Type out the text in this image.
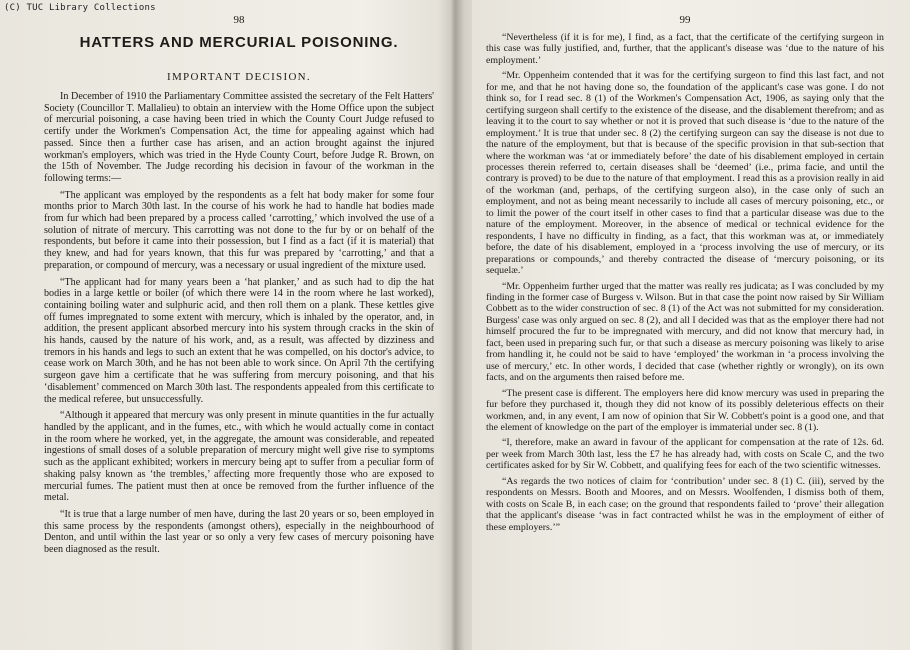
(C) TUC Library Collections
98
HATTERS AND MERCURIAL POISONING.
IMPORTANT DECISION.

In December of 1910 the Parliamentary Committee assisted the secretary of the Felt Hatters' Society (Councillor T. Mallalieu) to obtain an interview with the Home Office upon the subject of mercurial poisoning, a case having been tried in which the County Court Judge refused to certify under the Workmen's Compensation Act, the time for appealing against which had passed. Since then a further case has arisen, and an action brought against the injured workman's employers, which was tried in the Hyde County Court, before Judge R. Brown, on the 15th of November. The Judge recording his decision in favour of the workman in the following terms:—

“The applicant was employed by the respondents as a felt hat body maker for some four months prior to March 30th last. In the course of his work he had to handle hat bodies made from fur which had been prepared by a process called ‘carrotting,’ which involved the use of a solution of nitrate of mercury. This carrotting was not done to the fur by or on behalf of the respondents, but before it came into their possession, but I find as a fact (if it is material) that they knew, and had for years known, that this fur was prepared by ‘carrotting,’ and that a preparation, or compound of mercury, was a necessary or usual ingredient of the mixture used.

“The applicant had for many years been a ‘hat planker,’ and as such had to dip the hat bodies in a large kettle or boiler (of which there were 14 in the room where he last worked), containing boiling water and sulphuric acid, and then roll them on a plank. These kettles give off fumes impregnated to some extent with mercury, which is inhaled by the operator, and, in addition, the present applicant absorbed mercury into his system through cracks in the skin of his hands, caused by the nature of his work, and, as a result, was affected by dizziness and tremors in his hands and legs to such an extent that he was compelled, on his doctor's advice, to cease work on March 30th, and he has not been able to work since. On April 7th the certifying surgeon gave him a certificate that he was suffering from mercury poisoning, and that his ‘disablement’ commenced on March 30th last. The respondents appealed from this certificate to the medical referee, but unsuccessfully.

“Although it appeared that mercury was only present in minute quantities in the fur actually handled by the applicant, and in the fumes, etc., with which he would actually come in contact in the room where he worked, yet, in the aggregate, the amount was considerable, and repeated ingestions of small doses of a soluble preparation of mercury might well give rise to symptoms such as the applicant exhibited; workers in mercury being apt to suffer from a peculiar form of shaking palsy known as ‘the trembles,’ affecting more frequently those who are exposed to mercurial fumes. The patient must then at once be removed from the further influence of the metal.

“It is true that a large number of men have, during the last 20 years or so, been employed in this same process by the respondents (amongst others), especially in the neighbourhood of Denton, and until within the last year or so only a very few cases of mercury poisoning have been diagnosed as the result.

99

“Nevertheless (if it is for me), I find, as a fact, that the certificate of the certifying surgeon in this case was fully justified, and, further, that the applicant's disease was ‘due to the nature of his employment.’

“Mr. Oppenheim contended that it was for the certifying surgeon to find this last fact, and not for me, and that he not having done so, the foundation of the applicant's case was gone. I do not think so, for I read sec. 8 (1) of the Workmen's Compensation Act, 1906, as saying only that the certifying surgeon shall certify to the existence of the disease, and the disablement therefrom; and as leaving it to the court to say whether or not it is proved that such disease is ‘due to the nature of the employment.’ It is true that under sec. 8 (2) the certifying surgeon can say the disease is not due to the nature of the employment, but that is because of the specific provision in that sub-section that where the workman was ‘at or immediately before’ the date of his disablement employed in certain processes therein referred to, certain diseases shall be ‘deemed’ (i.e., prima facie, and until the contrary is proved) to be due to the nature of that employment. I read this as a provision really in aid of the workman (and, perhaps, of the certifying surgeon also), in the case only of such an employment, and not as being meant necessarily to include all cases of mercury poisoning, etc., or to limit the power of the court itself in other cases to find that a particular disease was due to the nature of the employment. Moreover, in the absence of medical or technical evidence for the respondents, I have no difficulty in finding, as a fact, that this workman was at, or immediately before, the date of his disablement, employed in a ‘process involving the use of mercury, or its preparations or compounds,’ and thereby contracted the disease of ‘mercury poisoning, or its sequelæ.’

“Mr. Oppenheim further urged that the matter was really res judicata; as I was concluded by my finding in the former case of Burgess v. Wilson. But in that case the point now raised by Sir William Cobbett as to the wider construction of sec. 8 (1) of the Act was not submitted for my consideration. Burgess' case was only argued on sec. 8 (2), and all I decided was that as the employer there had not himself procured the fur to be impregnated with mercury, and did not know that mercury had, in fact, been used in preparing such fur, or that such a disease as mercury poisoning was likely to arise from handling it, he could not be said to have ‘employed’ the workman in ‘a process involving the use of mercury,’ etc. In other words, I decided that case (whether rightly or wrongly), on its own facts, and on the arguments then raised before me.

“The present case is different. The employers here did know mercury was used in preparing the fur before they purchased it, though they did not know of its possibly deleterious effects on their workmen, and, in any event, I am now of opinion that Sir W. Cobbett's point is a good one, and that the element of knowledge on the part of the employer is immaterial under sec. 8 (1).

“I, therefore, make an award in favour of the applicant for compensation at the rate of 12s. 6d. per week from March 30th last, less the £7 he has already had, with costs on Scale C, and the two certificates asked for by Sir W. Cobbett, and qualifying fees for each of the two scientific witnesses.

“As regards the two notices of claim for ‘contribution’ under sec. 8 (1) C. (iii), served by the respondents on Messrs. Booth and Moores, and on Messrs. Woolfenden, I dismiss both of them, with costs on Scale B, in each case; on the ground that respondents failed to ‘prove’ their allegation that the applicant's disease ‘was in fact contracted whilst he was in the employment of either of these employers.’”
